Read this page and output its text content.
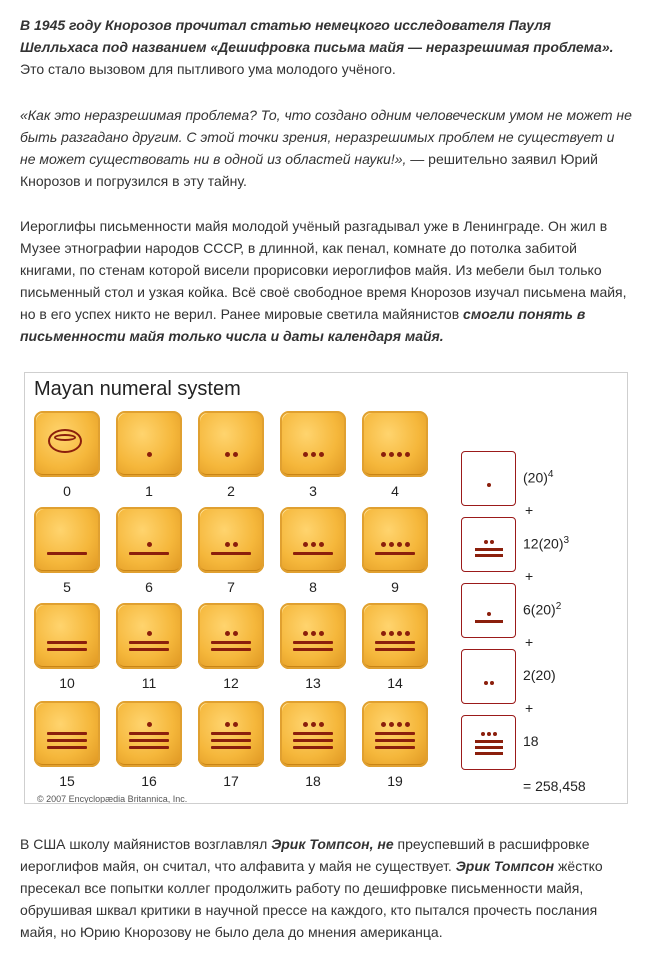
В 1945 году Кнорозов прочитал статью немецкого исследователя Пауля Шелльхаса под названием «Дешифровка письма майя — неразрешимая проблема». Это стало вызовом для пытливого ума молодого учёного.

«Как это неразрешимая проблема? То, что создано одним человеческим умом не может не быть разгадано другим. С этой точки зрения, неразрешимых проблем не существует и не может существовать ни в одной из областей науки!», — решительно заявил Юрий Кнорозов и погрузился в эту тайну.

Иероглифы письменности майя молодой учёный разгадывал уже в Ленинграде. Он жил в Музее этнографии народов СССР, в длинной, как пенал, комнате до потолка забитой книгами, по стенам которой висели прорисовки иероглифов майя. Из мебели был только письменный стол и узкая койка. Всё своё свободное время Кнорозов изучал письмена майя, но в его успех никто не верил. Ранее мировые светила майянистов смогли понять в письменности майя только числа и даты календаря майя.

Mayan numeral system
0	1	2	3	4
5	6	7	8	9
10	11	12	13	14
15	16	17	18	19
$(20)^4$
+
$12(20)^3$
+
$6(20)^2$
+
2(20)
+
18
= 258,458
© 2007 Encyclopædia Britannica, Inc.

В США школу майянистов возглавлял Эрик Томпсон, не преуспевший в расшифровке иероглифов майя, он считал, что алфавита у майя не существует. Эрик Томпсон жёстко пресекал все попытки коллег продолжить работу по дешифровке письменности майя, обрушивая шквал критики в научной прессе на каждого, кто пытался прочесть послания майя, но Юрию Кнорозову не было дела до мнения американца.
